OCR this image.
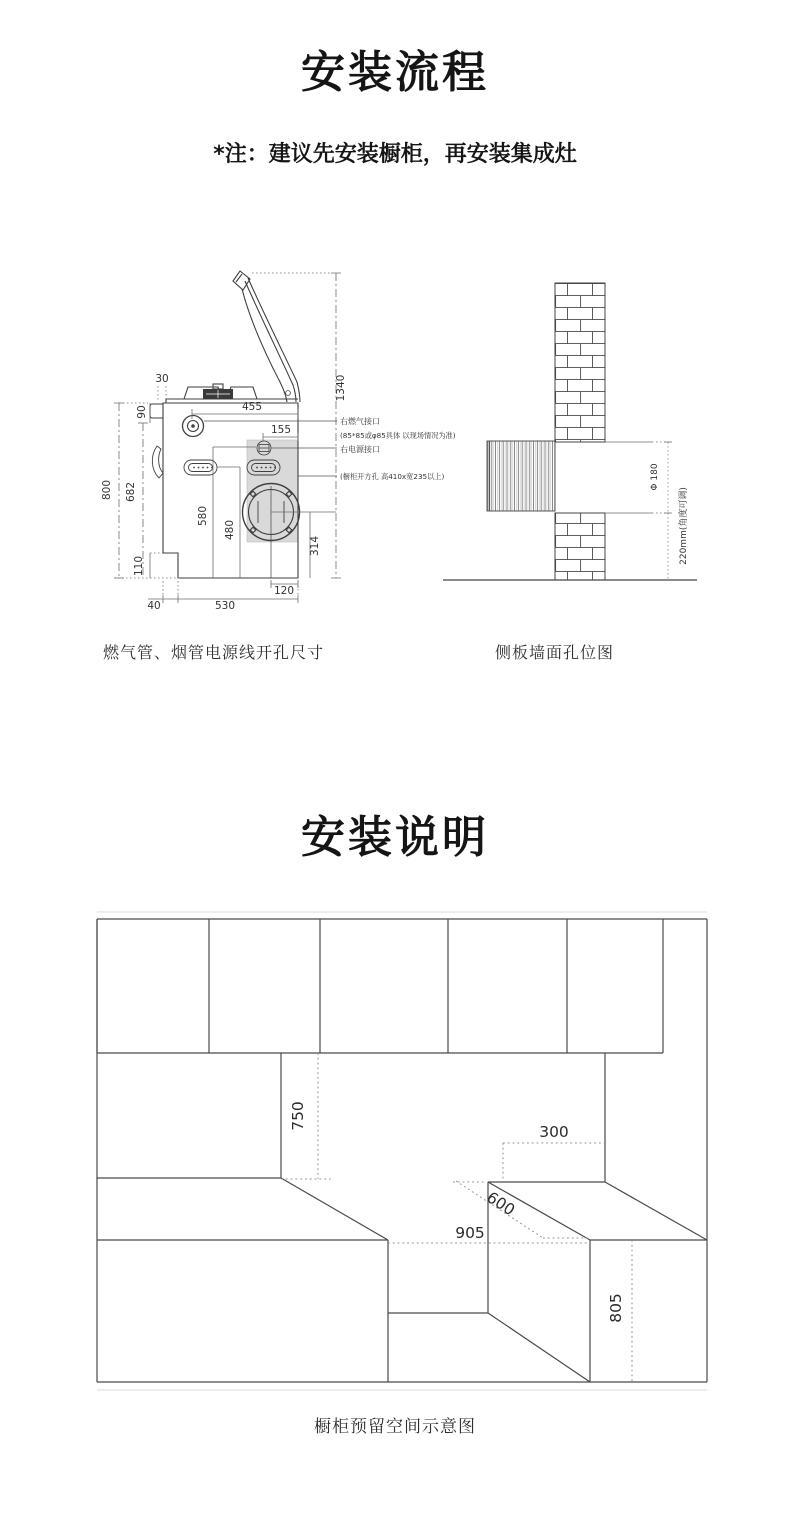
安装流程
*注：建议先安装橱柜，再安装集成灶
1340
800 682
90
110
30
455
155
580
480
314
120
40	530
右燃气接口
(85*85或φ85具体 以现场情况为准)
右电源接口
(橱柜开方孔 高410x宽235以上)	Φ 180
220mm(角度可调)
燃气管、烟管电源线开孔尺寸	侧板墙面孔位图
安装说明
750
300
600
905
805
橱柜预留空间示意图
